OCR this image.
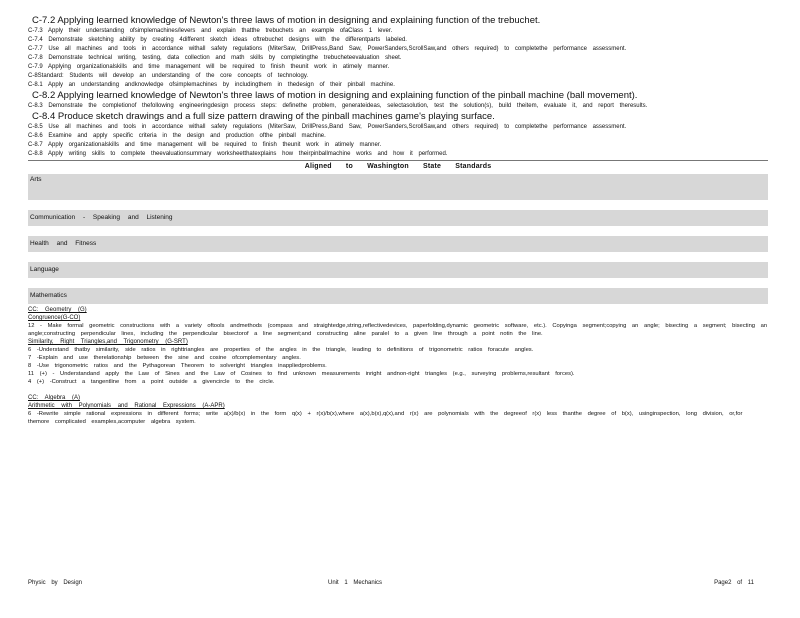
C-7.2 Applying learned knowledge of Newton's three laws of motion in designing and explaining function of the trebuchet.
C-7.3 Apply their understanding ofsimplemachines/levers and explain thatthe trebuchets an example ofaClass 1 lever.
C-7.4 Demonstrate sketching ability by creating 4different sketch ideas oftrebuchet designs with the differentparts labeled.
C-7.7 Use all machines and tools in accordance withall safety regulations (MiterSaw, DrillPress,Band Saw, PowerSanders,ScrollSaw,and others required) to completethe performance assessment.
C-7.8 Demonstrate technical writing, testing, data collection and math skills by completingthe trebucheteevaluation sheet.
C-7.9 Applying organizationalskills and time management will be required to finish theunit work in atimely manner.
C-8Standard: Students will develop an understanding of the core concepts of technology.
C-8.1 Apply an understanding andknowledge ofsimplemachines by includingthem in thedesign of their pinball machine.
C-8.2 Applying learned knowledge of Newton's three laws of motion in designing and explaining function of the pinball machine (ball movement).
C-8.3 Demonstrate the completionof thefollowing engineeringdesign process steps: definethe problem, generateideas, selectasolution, test the solution(s), build theitem, evaluate it, and report theresults.
C-8.4 Produce sketch drawings and a full size pattern drawing of the pinball machines game's playing surface.
C-8.5 Use all machines and tools in accordance withall safety regulations (MiterSaw, DrillPress,Band Saw, PowerSanders,ScrollSaw,and others required) to completethe performance assessment.
C-8.6 Examine and apply specific criteria in the design and production ofthe pinball machine.
C-8.7 Apply organizationalskills and time management will be required to finish theunit work in atimely manner.
C-8.8 Apply writing skills to complete theevaluationsummary worksheetthatexplains how theirpinballmachine works and how it performed.
Aligned to Washington State Standards
Arts
Communication - Speaking and Listening
Health and Fitness
Language
Mathematics
CC: Geometry (G)
Congruence(G-CO)
12 - Make formal geometric constructions with a variety oftools andmethods (compass and straightedge,string,reflectivedevices, paperfolding,dynamic geometric software, etc.). Copyinga segment;copying an angle; bisecting a segment; bisecting an angle;constructing perpendicular lines, including the perpendicular bisectorof a line segment;and constructing aline paralel to a given line through a point notin the line.
Similarity, Right Triangles,and Trigonometry (G-SRT)
6 -Understand thatby similarity, side ratios in righttriangles are properties of the angles in the triangle, leading to definitions of trigonometric ratios foracute angles.
7 -Explain and use therelationship between the sine and cosine ofcomplementary angles.
8 -Use trigonometric ratios and the Pythagorean Theorem to solveright triangles inappliedproblems.
11 (+) - Understandand apply the Law of Sines and the Law of Cosines to find unknown measurements inright andnon-right triangles (e.g., surveying problems,resultant forces).
4 (+) -Construct a tangentline from a point outside a givencircle to the circle.
CC: Algebra (A)
Arithmetic with Polynomials and Rational Expressions (A-APR)
6 -Rewrite simple rational expressions in different forms; write a(x)/b(x) in the form q(x) + r(x)/b(x),where a(x),b(x),q(x),and r(x) are polynomials with the degreeof r(x) less thanthe degree of b(x), usinginspection, long division, or,for themore complicated examples,acomputer algebra system.
Physic by Design	Unit 1 Mechanics	Page2 of 11
